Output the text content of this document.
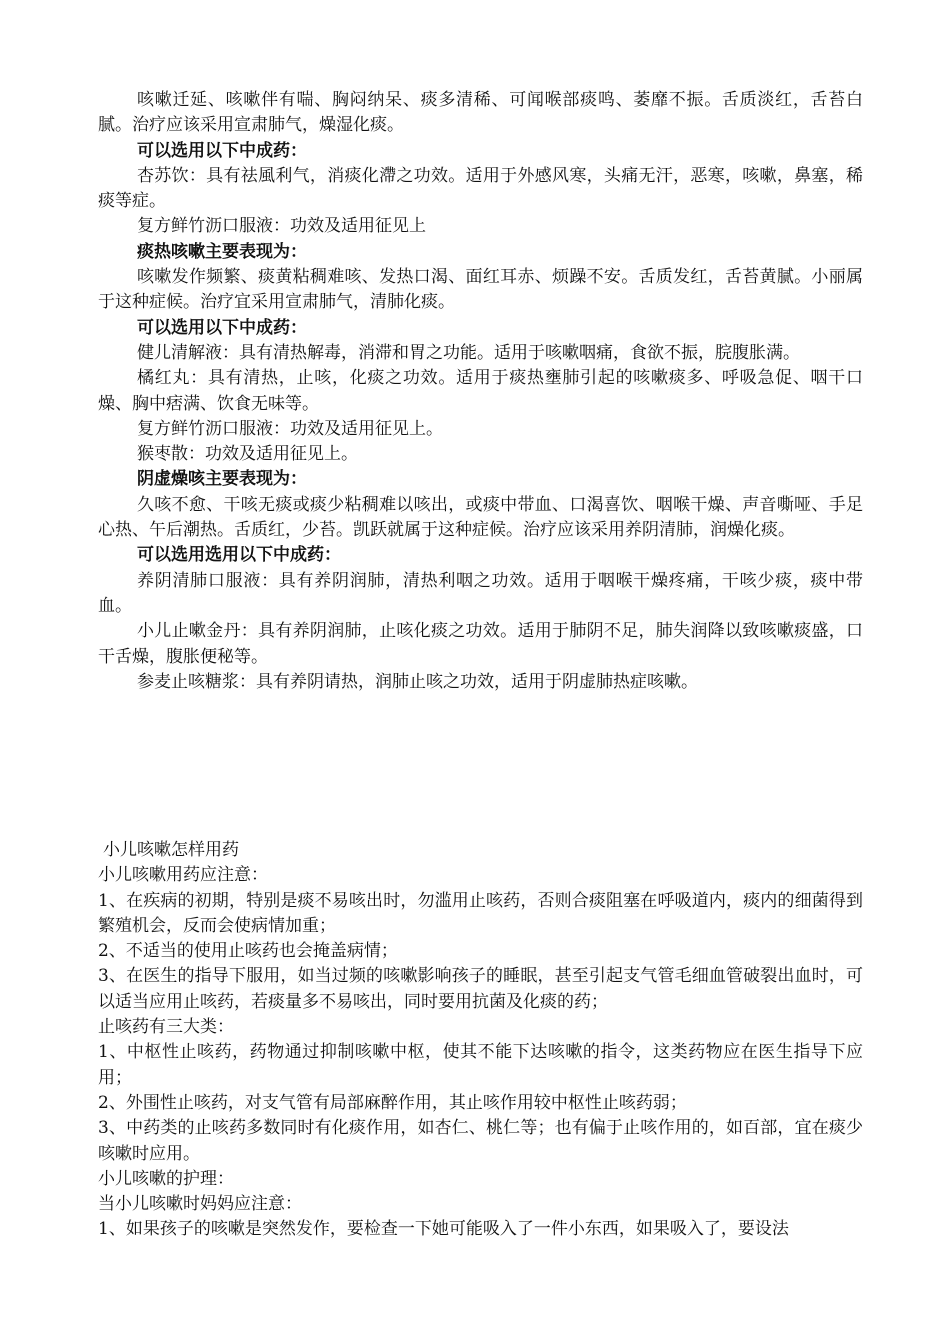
咳嗽迁延、咳嗽伴有喘、胸闷纳呆、痰多清稀、可闻喉部痰鸣、萎靡不振。舌质淡红，舌苔白腻。治疗应该采用宣肃肺气，燥湿化痰。

可以选用以下中成药：

杏苏饮：具有祛風利气，消痰化滯之功效。适用于外感风寒，头痛无汗，恶寒，咳嗽，鼻塞，稀痰等症。

复方鲜竹沥口服液：功效及适用征见上

痰热咳嗽主要表现为：

咳嗽发作频繁、痰黄粘稠难咳、发热口渴、面红耳赤、烦躁不安。舌质发红，舌苔黄腻。小丽属于这种症候。治疗宜采用宣肃肺气，清肺化痰。

可以选用以下中成药：

健儿清解液：具有清热解毒，消滞和胃之功能。适用于咳嗽咽痛，食欲不振，脘腹胀满。

橘红丸：具有清热，止咳，化痰之功效。适用于痰热壅肺引起的咳嗽痰多、呼吸急促、咽干口燥、胸中痞满、饮食无味等。

复方鲜竹沥口服液：功效及适用征见上。

猴枣散：功效及适用征见上。

阴虚燥咳主要表现为：

久咳不愈、干咳无痰或痰少粘稠难以咳出，或痰中带血、口渴喜饮、咽喉干燥、声音嘶哑、手足心热、午后潮热。舌质红，少苔。凯跃就属于这种症候。治疗应该采用养阴清肺，润燥化痰。

可以选用选用以下中成药：

养阴清肺口服液：具有养阴润肺，清热利咽之功效。适用于咽喉干燥疼痛，干咳少痰，痰中带血。

小儿止嗽金丹：具有养阴润肺，止咳化痰之功效。适用于肺阴不足，肺失润降以致咳嗽痰盛，口干舌燥，腹胀便秘等。

参麦止咳糖浆：具有养阴请热，润肺止咳之功效，适用于阴虚肺热症咳嗽。

小儿咳嗽怎样用药

小儿咳嗽用药应注意：

1、在疾病的初期，特别是痰不易咳出时，勿滥用止咳药，否则合痰阻塞在呼吸道内，痰内的细菌得到繁殖机会，反而会使病情加重；

2、不适当的使用止咳药也会掩盖病情；

3、在医生的指导下服用，如当过频的咳嗽影响孩子的睡眠，甚至引起支气管毛细血管破裂出血时，可以适当应用止咳药，若痰量多不易咳出，同时要用抗菌及化痰的药；

止咳药有三大类：

1、中枢性止咳药，药物通过抑制咳嗽中枢，使其不能下达咳嗽的指令，这类药物应在医生指导下应用；

2、外围性止咳药，对支气管有局部麻醉作用，其止咳作用较中枢性止咳药弱；

3、中药类的止咳药多数同时有化痰作用，如杏仁、桃仁等；也有偏于止咳作用的，如百部，宜在痰少咳嗽时应用。

小儿咳嗽的护理：

当小儿咳嗽时妈妈应注意：

1、如果孩子的咳嗽是突然发作，要检查一下她可能吸入了一件小东西，如果吸入了，要设法
